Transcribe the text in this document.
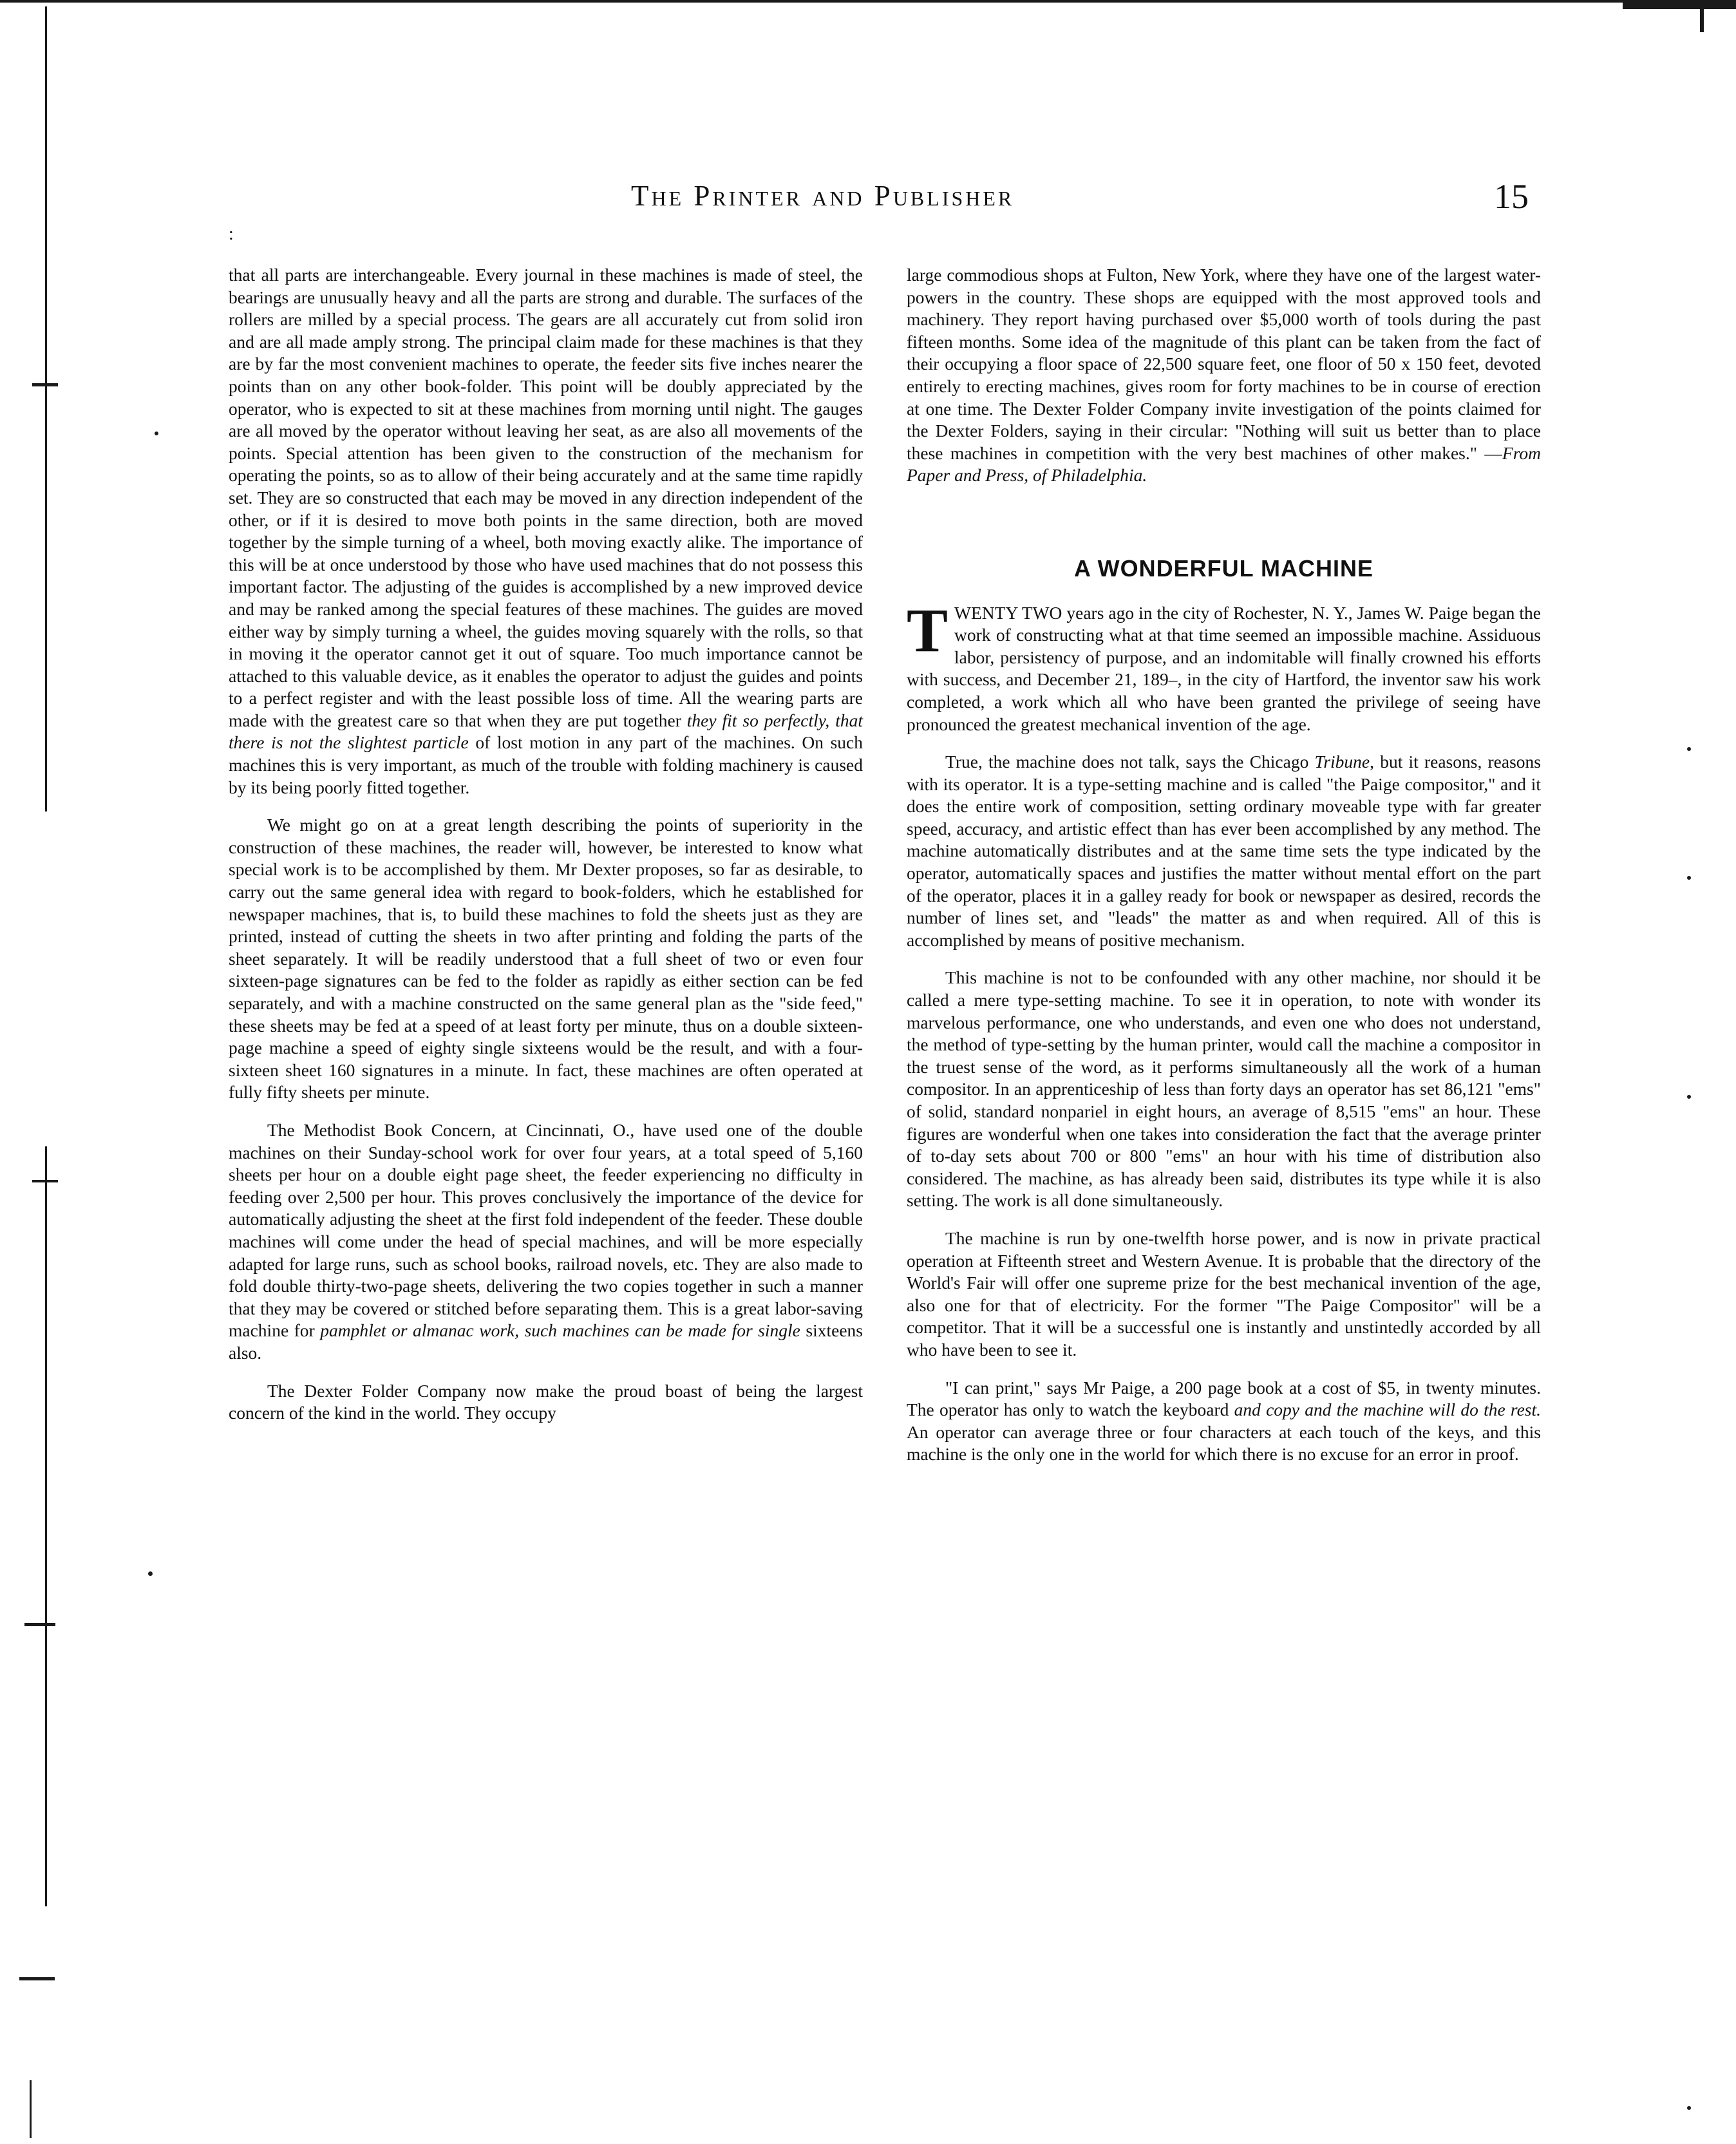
:
The Printer and Publisher	15

that all parts are interchangeable. Every journal in these machines is made of steel, the bearings are unusually heavy and all the parts are strong and durable. The surfaces of the rollers are milled by a special process. The gears are all accurately cut from solid iron and are all made amply strong. The principal claim made for these machines is that they are by far the most convenient machines to operate, the feeder sits five inches nearer the points than on any other book-folder. This point will be doubly appreciated by the operator, who is expected to sit at these machines from morning until night. The gauges are all moved by the operator without leaving her seat, as are also all movements of the points. Special attention has been given to the construction of the mechanism for operating the points, so as to allow of their being accurately and at the same time rapidly set. They are so constructed that each may be moved in any direction independent of the other, or if it is desired to move both points in the same direction, both are moved together by the simple turning of a wheel, both moving exactly alike. The importance of this will be at once understood by those who have used machines that do not possess this important factor. The adjusting of the guides is accomplished by a new improved device and may be ranked among the special features of these machines. The guides are moved either way by simply turning a wheel, the guides moving squarely with the rolls, so that in moving it the operator cannot get it out of square. Too much importance cannot be attached to this valuable device, as it enables the operator to adjust the guides and points to a perfect register and with the least possible loss of time. All the wearing parts are made with the greatest care so that when they are put together they fit so perfectly, that there is not the slightest particle of lost motion in any part of the machines. On such machines this is very important, as much of the trouble with folding machinery is caused by its being poorly fitted together.

We might go on at a great length describing the points of superiority in the construction of these machines, the reader will, however, be interested to know what special work is to be accomplished by them. Mr Dexter proposes, so far as desirable, to carry out the same general idea with regard to book-folders, which he established for newspaper machines, that is, to build these machines to fold the sheets just as they are printed, instead of cutting the sheets in two after printing and folding the parts of the sheet separately. It will be readily understood that a full sheet of two or even four sixteen-page signatures can be fed to the folder as rapidly as either section can be fed separately, and with a machine constructed on the same general plan as the "side feed," these sheets may be fed at a speed of at least forty per minute, thus on a double sixteen-page machine a speed of eighty single sixteens would be the result, and with a four-sixteen sheet 160 signatures in a minute. In fact, these machines are often operated at fully fifty sheets per minute.

The Methodist Book Concern, at Cincinnati, O., have used one of the double machines on their Sunday-school work for over four years, at a total speed of 5,160 sheets per hour on a double eight page sheet, the feeder experiencing no difficulty in feeding over 2,500 per hour. This proves conclusively the importance of the device for automatically adjusting the sheet at the first fold independent of the feeder. These double machines will come under the head of special machines, and will be more especially adapted for large runs, such as school books, railroad novels, etc. They are also made to fold double thirty-two-page sheets, delivering the two copies together in such a manner that they may be covered or stitched before separating them. This is a great labor-saving machine for pamphlet or almanac work, such machines can be made for single sixteens also.

The Dexter Folder Company now make the proud boast of being the largest concern of the kind in the world. They occupy

large commodious shops at Fulton, New York, where they have one of the largest water-powers in the country. These shops are equipped with the most approved tools and machinery. They report having purchased over $5,000 worth of tools during the past fifteen months. Some idea of the magnitude of this plant can be taken from the fact of their occupying a floor space of 22,500 square feet, one floor of 50 x 150 feet, devoted entirely to erecting machines, gives room for forty machines to be in course of erection at one time. The Dexter Folder Company invite investigation of the points claimed for the Dexter Folders, saying in their circular: "Nothing will suit us better than to place these machines in competition with the very best machines of other makes." —From Paper and Press, of Philadelphia.

A WONDERFUL MACHINE

TWENTY TWO years ago in the city of Rochester, N. Y., James W. Paige began the work of constructing what at that time seemed an impossible machine. Assiduous labor, persistency of purpose, and an indomitable will finally crowned his efforts with success, and December 21, 189–, in the city of Hartford, the inventor saw his work completed, a work which all who have been granted the privilege of seeing have pronounced the greatest mechanical invention of the age.

True, the machine does not talk, says the Chicago Tribune, but it reasons, reasons with its operator. It is a type-setting machine and is called "the Paige compositor," and it does the entire work of composition, setting ordinary moveable type with far greater speed, accuracy, and artistic effect than has ever been accomplished by any method. The machine automatically distributes and at the same time sets the type indicated by the operator, automatically spaces and justifies the matter without mental effort on the part of the operator, places it in a galley ready for book or newspaper as desired, records the number of lines set, and "leads" the matter as and when required. All of this is accomplished by means of positive mechanism.

This machine is not to be confounded with any other machine, nor should it be called a mere type-setting machine. To see it in operation, to note with wonder its marvelous performance, one who understands, and even one who does not understand, the method of type-setting by the human printer, would call the machine a compositor in the truest sense of the word, as it performs simultaneously all the work of a human compositor. In an apprenticeship of less than forty days an operator has set 86,121 "ems" of solid, standard nonpariel in eight hours, an average of 8,515 "ems" an hour. These figures are wonderful when one takes into consideration the fact that the average printer of to-day sets about 700 or 800 "ems" an hour with his time of distribution also considered. The machine, as has already been said, distributes its type while it is also setting. The work is all done simultaneously.

The machine is run by one-twelfth horse power, and is now in private practical operation at Fifteenth street and Western Avenue. It is probable that the directory of the World's Fair will offer one supreme prize for the best mechanical invention of the age, also one for that of electricity. For the former "The Paige Compositor" will be a competitor. That it will be a successful one is instantly and unstintedly accorded by all who have been to see it.

"I can print," says Mr Paige, a 200 page book at a cost of $5, in twenty minutes. The operator has only to watch the keyboard and copy and the machine will do the rest. An operator can average three or four characters at each touch of the keys, and this machine is the only one in the world for which there is no excuse for an error in proof.
